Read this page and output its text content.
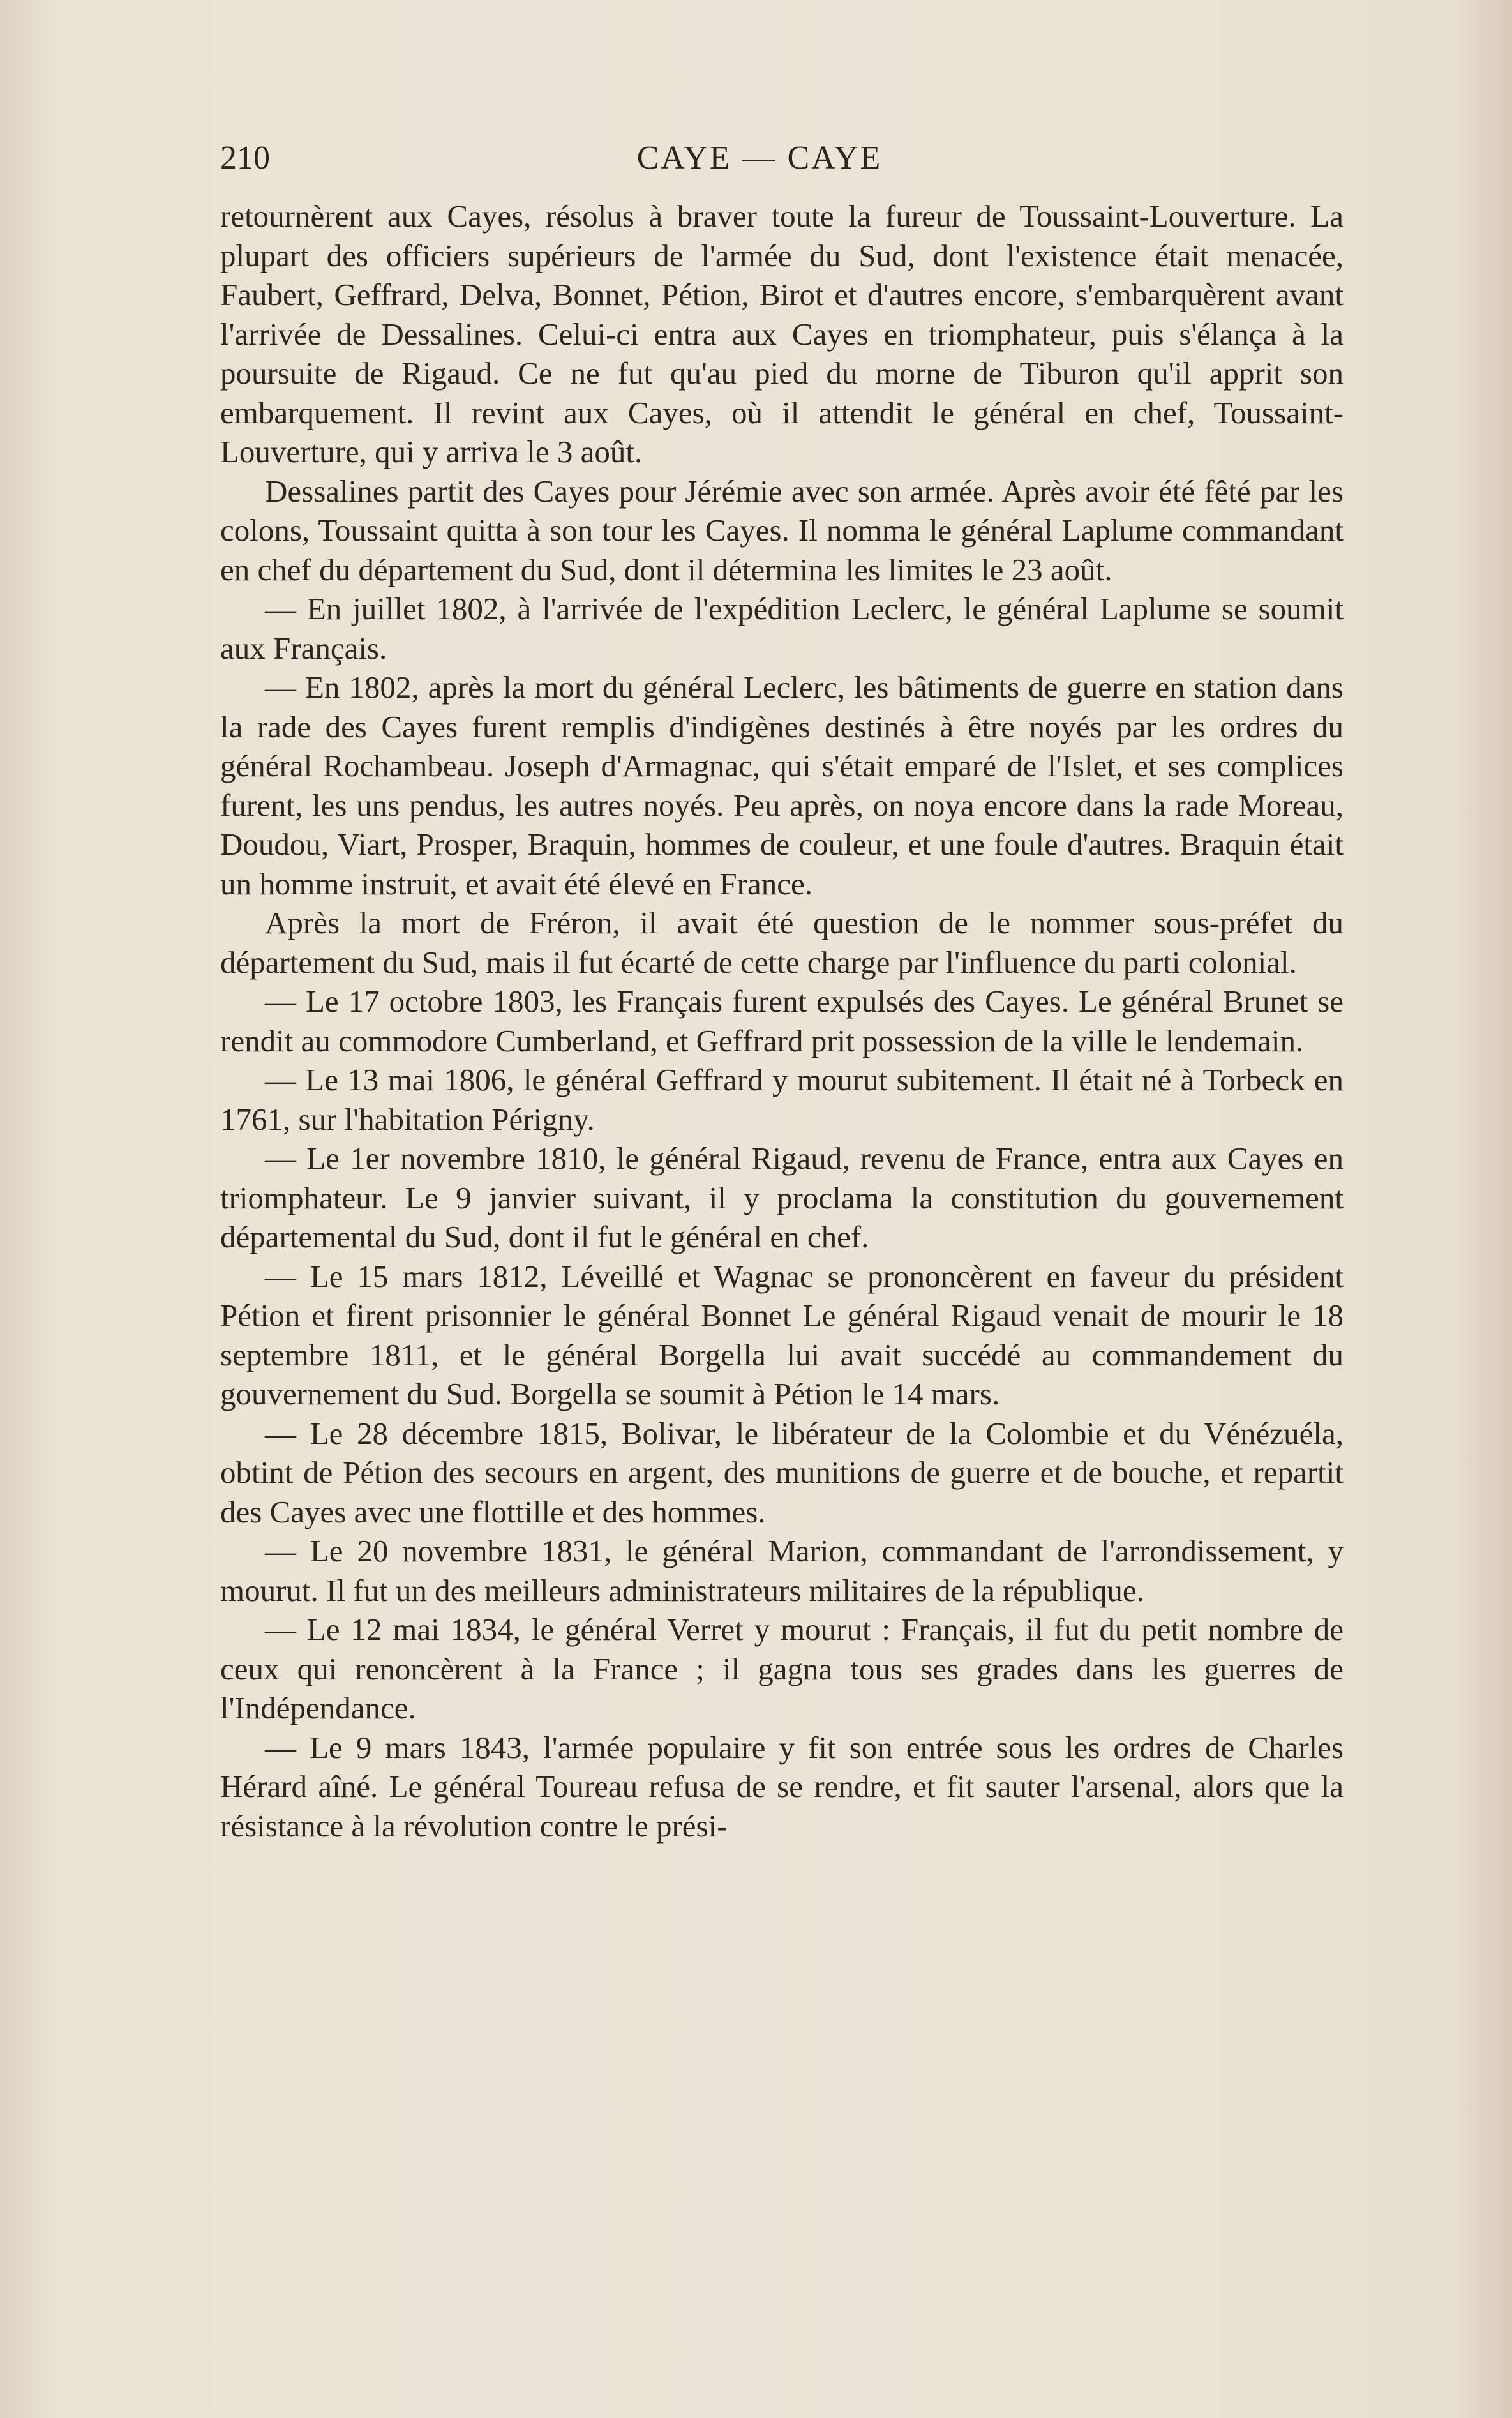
210	CAYE — CAYE

retournèrent aux Cayes, résolus à braver toute la fureur de Toussaint-Louverture. La plupart des officiers supérieurs de l'armée du Sud, dont l'existence était menacée, Faubert, Geffrard, Delva, Bonnet, Pétion, Birot et d'autres encore, s'embarquèrent avant l'arrivée de Dessalines. Celui-ci entra aux Cayes en triomphateur, puis s'élança à la poursuite de Rigaud. Ce ne fut qu'au pied du morne de Tiburon qu'il apprit son embarquement. Il revint aux Cayes, où il attendit le général en chef, Toussaint-Louverture, qui y arriva le 3 août.

Dessalines partit des Cayes pour Jérémie avec son armée. Après avoir été fêté par les colons, Toussaint quitta à son tour les Cayes. Il nomma le général Laplume commandant en chef du département du Sud, dont il détermina les limites le 23 août.

— En juillet 1802, à l'arrivée de l'expédition Leclerc, le général Laplume se soumit aux Français.

— En 1802, après la mort du général Leclerc, les bâtiments de guerre en station dans la rade des Cayes furent remplis d'indigènes destinés à être noyés par les ordres du général Rochambeau. Joseph d'Armagnac, qui s'était emparé de l'Islet, et ses complices furent, les uns pendus, les autres noyés. Peu après, on noya encore dans la rade Moreau, Doudou, Viart, Prosper, Braquin, hommes de couleur, et une foule d'autres. Braquin était un homme instruit, et avait été élevé en France.

Après la mort de Fréron, il avait été question de le nommer sous-préfet du département du Sud, mais il fut écarté de cette charge par l'influence du parti colonial.

— Le 17 octobre 1803, les Français furent expulsés des Cayes. Le général Brunet se rendit au commodore Cumberland, et Geffrard prit possession de la ville le lendemain.

— Le 13 mai 1806, le général Geffrard y mourut subitement. Il était né à Torbeck en 1761, sur l'habitation Périgny.

— Le 1er novembre 1810, le général Rigaud, revenu de France, entra aux Cayes en triomphateur. Le 9 janvier suivant, il y proclama la constitution du gouvernement départemental du Sud, dont il fut le général en chef.

— Le 15 mars 1812, Léveillé et Wagnac se prononcèrent en faveur du président Pétion et firent prisonnier le général Bonnet Le général Rigaud venait de mourir le 18 septembre 1811, et le général Borgella lui avait succédé au commandement du gouvernement du Sud. Borgella se soumit à Pétion le 14 mars.

— Le 28 décembre 1815, Bolivar, le libérateur de la Colombie et du Vénézuéla, obtint de Pétion des secours en argent, des munitions de guerre et de bouche, et repartit des Cayes avec une flottille et des hommes.

— Le 20 novembre 1831, le général Marion, commandant de l'arrondissement, y mourut. Il fut un des meilleurs administrateurs militaires de la république.

— Le 12 mai 1834, le général Verret y mourut : Français, il fut du petit nombre de ceux qui renoncèrent à la France ; il gagna tous ses grades dans les guerres de l'Indépendance.

— Le 9 mars 1843, l'armée populaire y fit son entrée sous les ordres de Charles Hérard aîné. Le général Toureau refusa de se rendre, et fit sauter l'arsenal, alors que la résistance à la révolution contre le prési-
